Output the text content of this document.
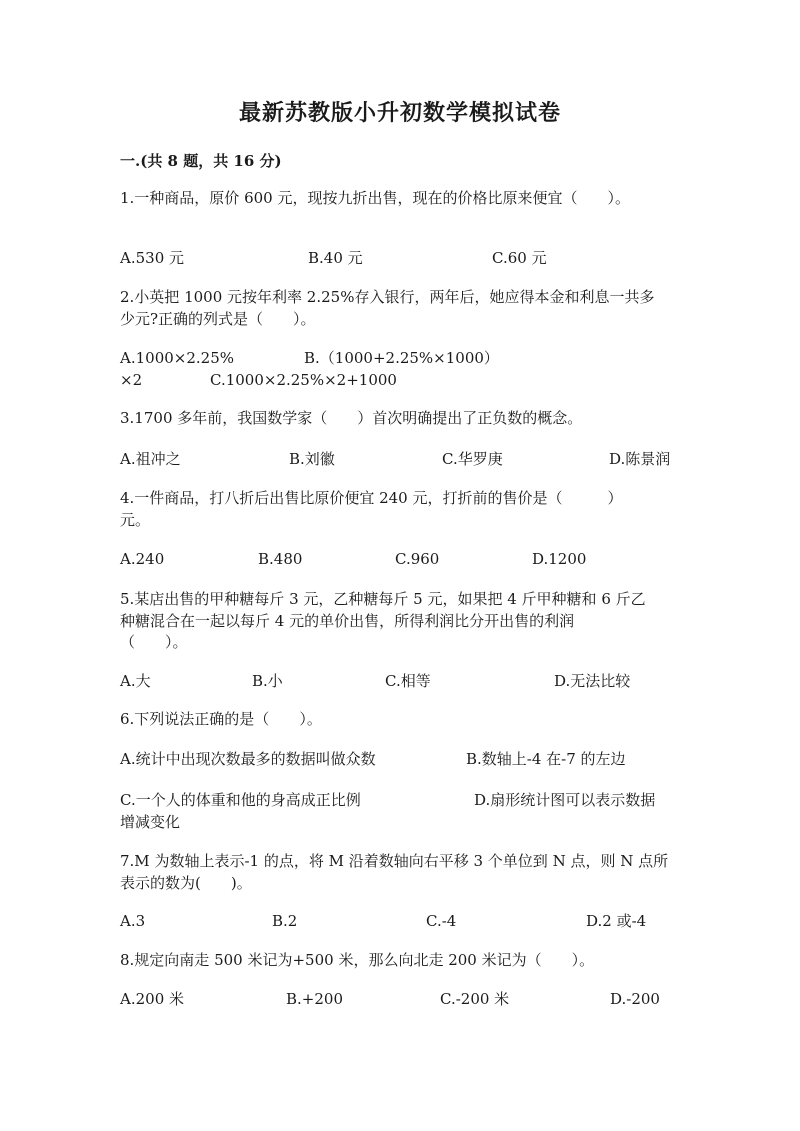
最新苏教版小升初数学模拟试卷
一.(共 8 题，共 16 分)
1.一种商品，原价 600 元，现按九折出售，现在的价格比原来便宜（　　）。
A.530 元	B.40 元	C.60 元
2.小英把 1000 元按年利率 2.25%存入银行，两年后，她应得本金和利息一共多
少元?正确的列式是（　　）。
A.1000×2.25%	B.（1000+2.25%×1000）
×2	C.1000×2.25%×2+1000
3.1700 多年前，我国数学家（　　）首次明确提出了正负数的概念。
A.祖冲之	B.刘徽	C.华罗庚	D.陈景润
4.一件商品，打八折后出售比原价便宜 240 元，打折前的售价是（　　　）
元。
A.240	B.480	C.960	D.1200
5.某店出售的甲种糖每斤 3 元，乙种糖每斤 5 元，如果把 4 斤甲种糖和 6 斤乙
种糖混合在一起以每斤 4 元的单价出售，所得利润比分开出售的利润
（　　）。
A.大	B.小	C.相等	D.无法比较
6.下列说法正确的是（　　）。
A.统计中出现次数最多的数据叫做众数	B.数轴上-4 在-7 的左边
C.一个人的体重和他的身高成正比例	D.扇形统计图可以表示数据
增减变化
7.M 为数轴上表示-1 的点，将 M 沿着数轴向右平移 3 个单位到 N 点，则 N 点所
表示的数为(　　)。
A.3	B.2	C.-4	D.2 或-4
8.规定向南走 500 米记为+500 米，那么向北走 200 米记为（　　）。
A.200 米	B.+200	C.-200 米	D.-200
